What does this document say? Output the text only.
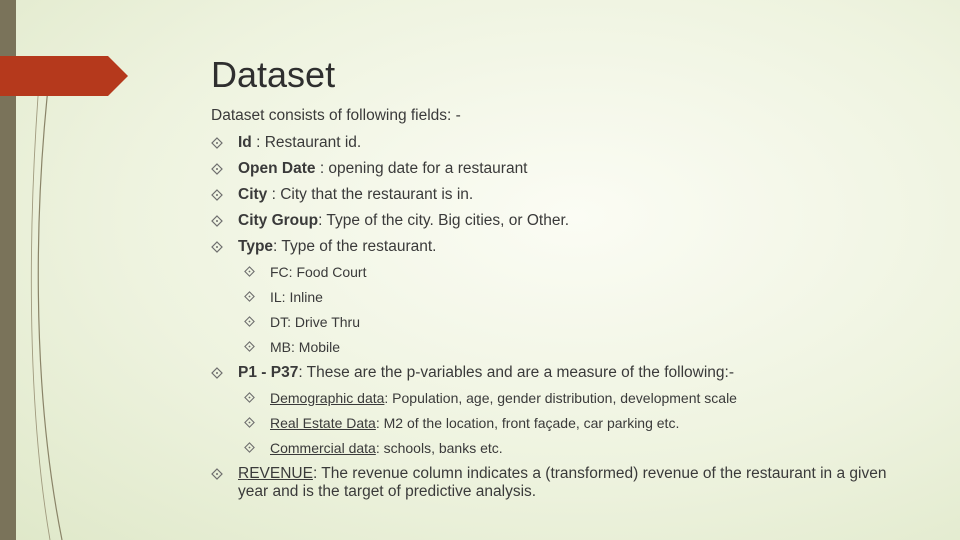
Dataset
Dataset consists of following fields: -
Id : Restaurant id.
Open Date : opening date for a restaurant
City : City that the restaurant is in.
City Group: Type of the city. Big cities, or Other.
Type: Type of the restaurant.
FC: Food Court
IL: Inline
DT: Drive Thru
MB: Mobile
P1 - P37: These are the p-variables and are a measure of the following:-
Demographic data: Population, age, gender distribution, development scale
Real Estate Data: M2 of the location, front façade, car parking etc.
Commercial data: schools, banks etc.
REVENUE: The revenue column indicates a (transformed) revenue of the restaurant in a given year and is the target of predictive analysis.
